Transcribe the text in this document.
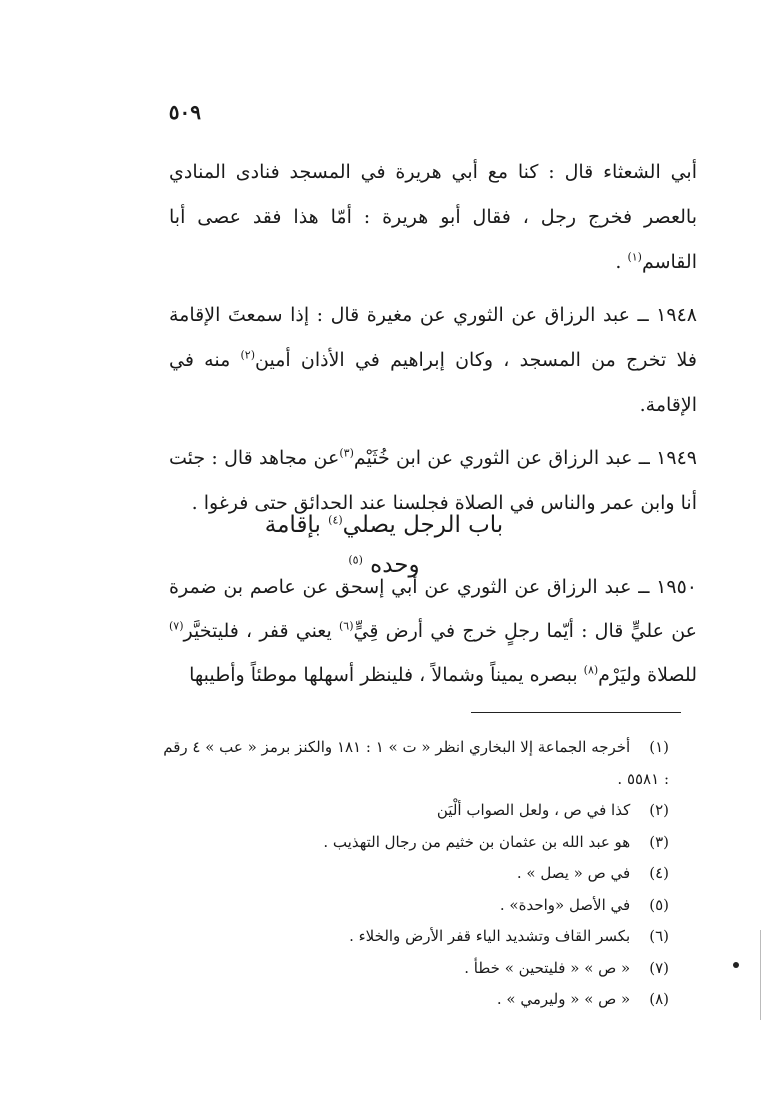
٥٠٩

أبي الشعثاء قال : كنا مع أبي هريرة في المسجد فنادى المنادي بالعصر فخرج رجل ، فقال أبو هريرة : أمّا هذا فقد عصى أبا القاسم$^{(١)}$ .

١٩٤٨ ــ عبد الرزاق عن الثوري عن مغيرة قال : إذا سمعتَ الإقامة فلا تخرج من المسجد ، وكان إبراهيم في الأذان أمين$^{(٢)}$ منه في الإقامة.

١٩٤٩ ــ عبد الرزاق عن الثوري عن ابن خُثَيْم$^{(٣)}$عن مجاهد قال : جئت أنا وابن عمر والناس في الصلاة فجلسنا عند الحدائق حتى فرغوا .

باب الرجل يصلي$^{(٤)}$ بإقامة وحده $^{(٥)}$

١٩٥٠ ــ عبد الرزاق عن الثوري عن أبي إسحق عن عاصم بن ضمرة عن عليٍّ قال : أيّما رجلٍ خرج في أرض قِيٍّ$^{(٦)}$ يعني قفر ، فليتخيَّر$^{(٧)}$ للصلاة وليَرْم$^{(٨)}$ ببصره يميناً وشمالاً ، فلينظر أسهلها موطئاً وأطيبها

(١) أخرجه الجماعة إلا البخاري انظر « ت » ١ : ١٨١ والكنز برمز « عب » ٤ رقم : ٥٥٨١ .

(٢) كذا في ص ، ولعل الصواب ألْيَن

(٣) هو عبد الله بن عثمان بن خثيم من رجال التهذيب .

(٤) في ص « يصل » .

(٥) في الأصل «واحدة» .

(٦) بكسر القاف وتشديد الياء قفر الأرض والخلاء .

(٧) « ص » « فليتحين » خطأ .

(٨) « ص » « وليرمي » .
